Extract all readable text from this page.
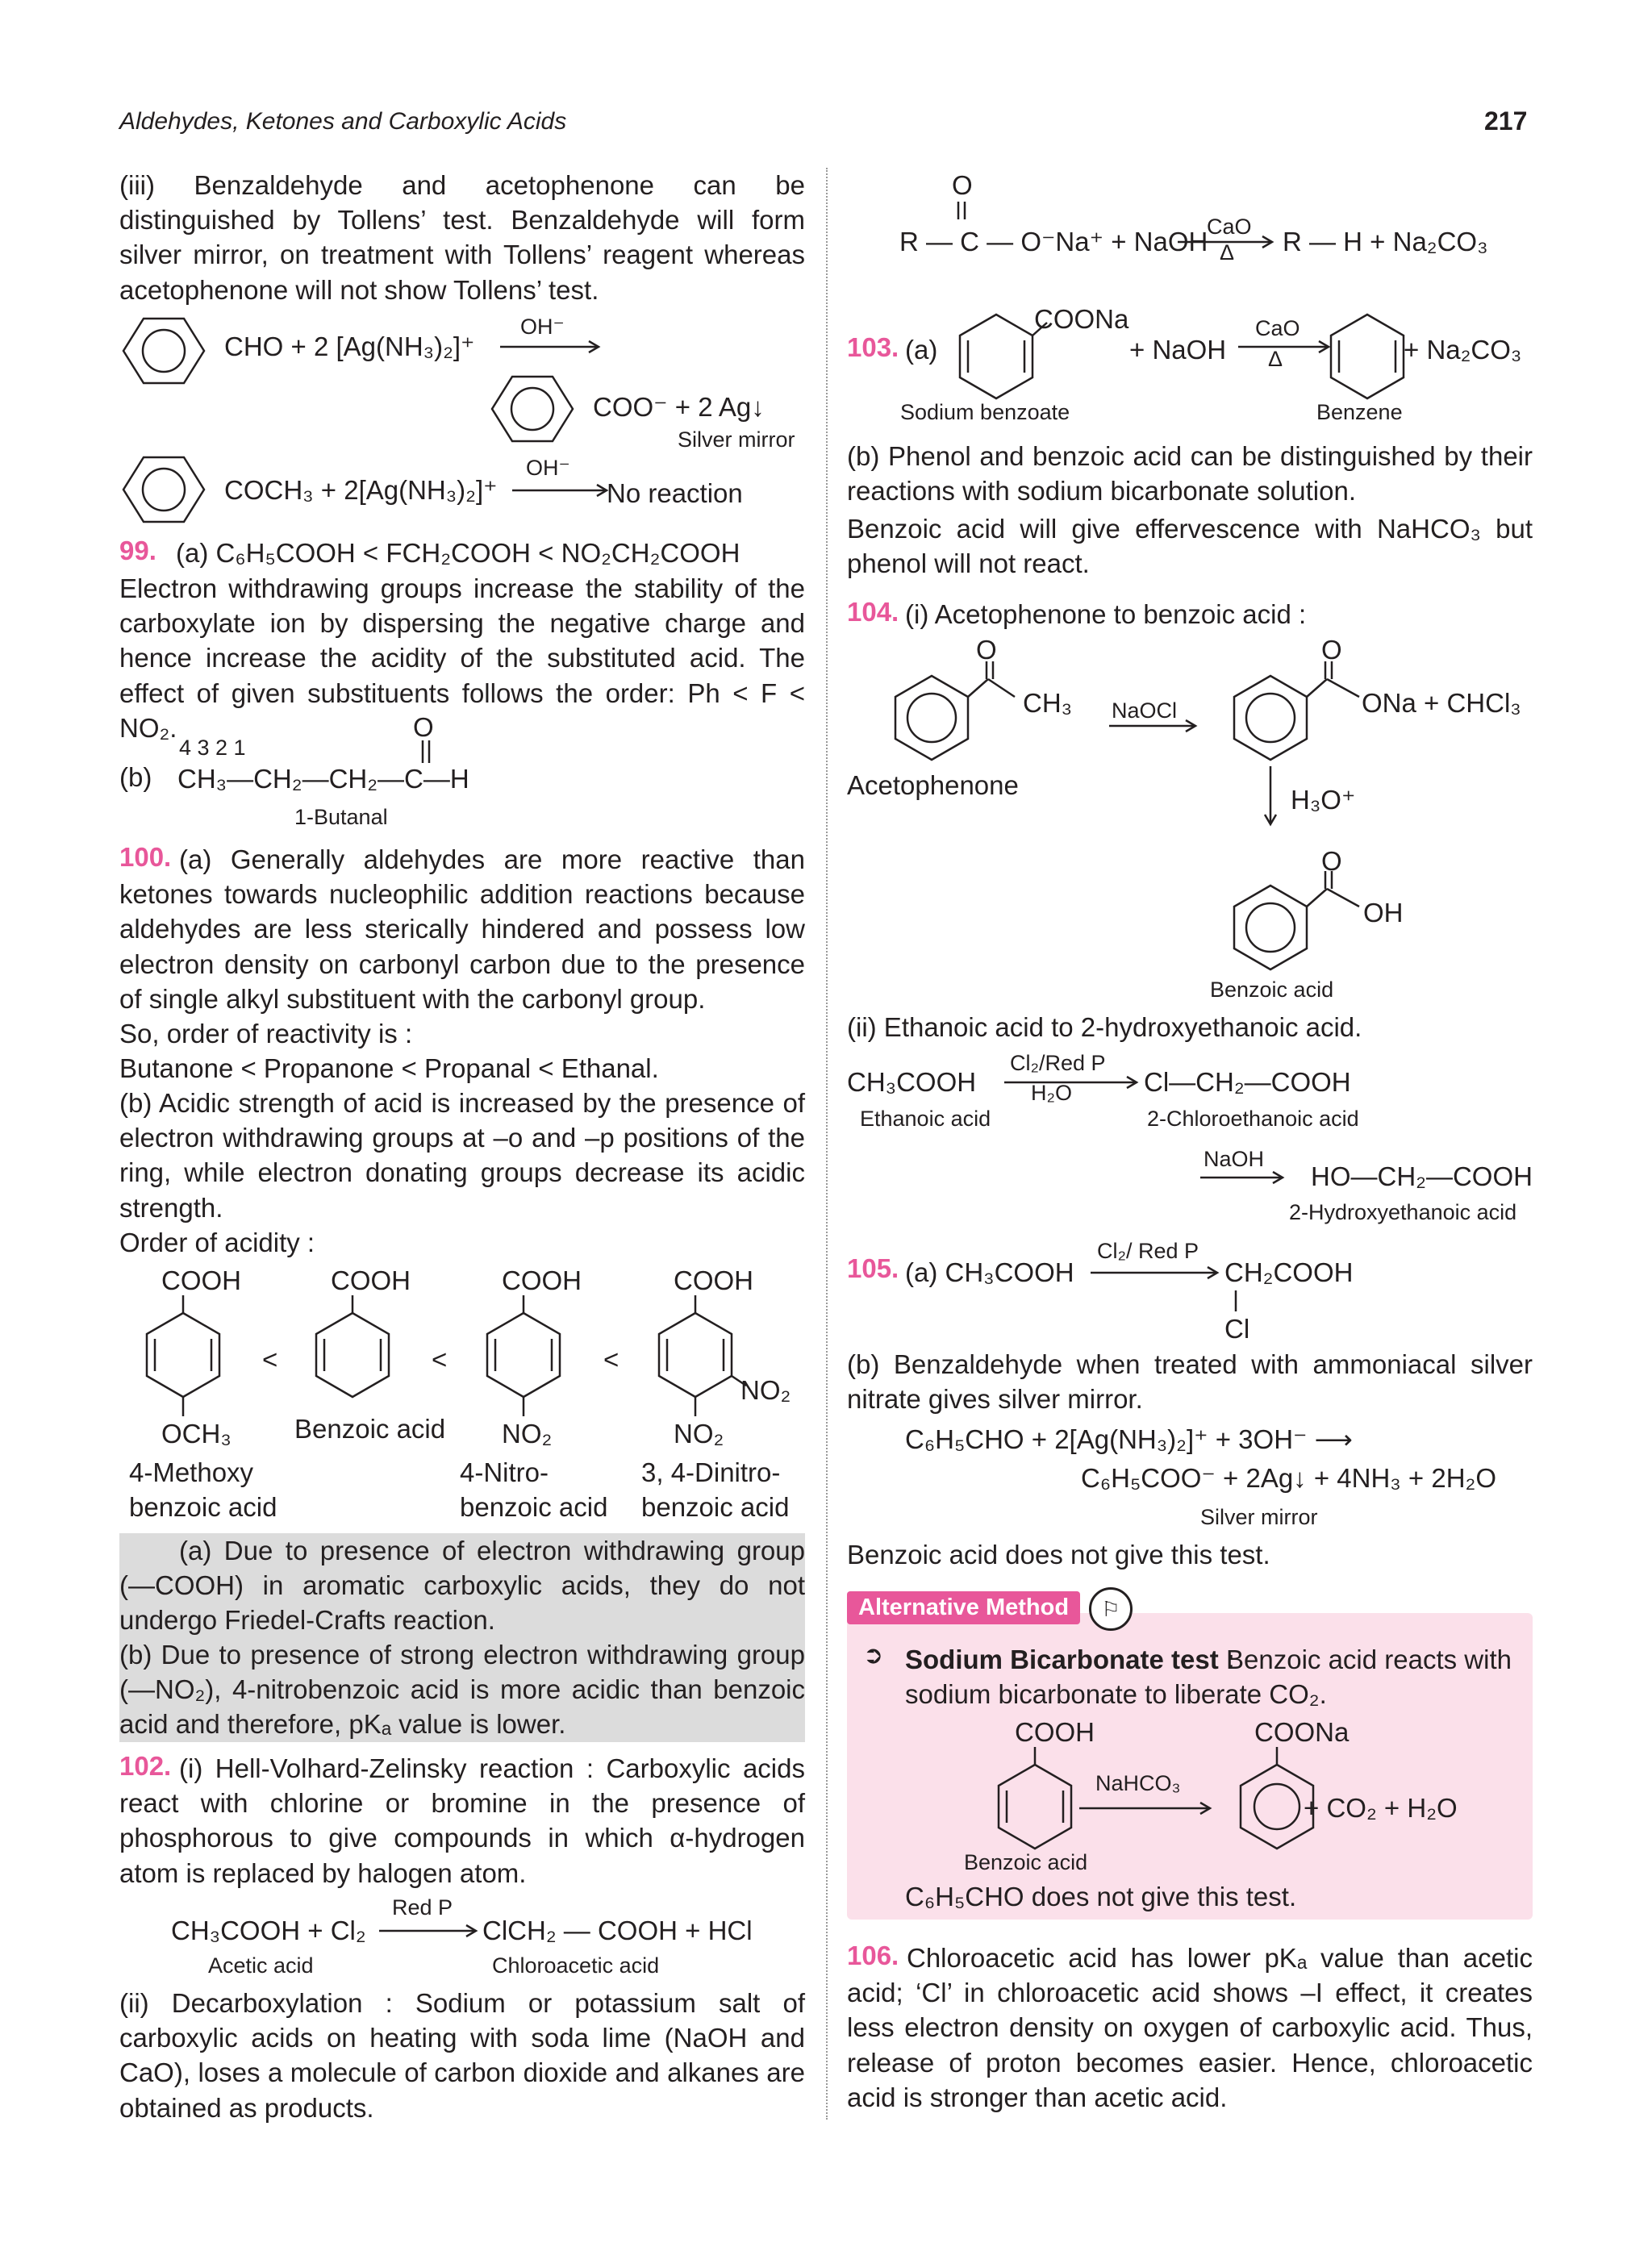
Aldehydes, Ketones and Carboxylic Acids	217

(iii) Benzaldehyde and acetophenone can be distinguished by Tollens’ test. Benzaldehyde will form silver mirror, on treatment with Tollens’ reagent whereas acetophenone will not show Tollens’ test.

CHO + 2 [Ag(NH₃)₂]⁺
OH⁻
COO⁻ + 2 Ag↓
Silver mirror
COCH₃ + 2[Ag(NH₃)₂]⁺
OH⁻
No reaction
99. (a) C₆H₅COOH < FCH₂COOH < NO₂CH₂COOH

Electron withdrawing groups increase the stability of the carboxylate ion by dispersing the negative charge and hence increase the acidity of the substituted acid. The effect of given substituents follows the order: Ph < F < NO₂.

(b)
4 3 2 1
O
CH₃—CH₂—CH₂—C—H
1-Butanal
100. (a) Generally aldehydes are more reactive than ketones towards nucleophilic addition reactions because aldehydes are less sterically hindered and possess low electron density on carbonyl carbon due to the presence of single alkyl substituent with the carbonyl group.

So, order of reactivity is :
Butanone < Propanone < Propanal < Ethanal.

(b) Acidic strength of acid is increased by the presence of electron withdrawing groups at –o and –p positions of the ring, while electron donating groups decrease its acidic strength.

Order of acidity :
COOH
OCH₃
4-Methoxy
benzoic acid
<
COOH
Benzoic acid
<
COOH
NO₂
4-Nitro-
benzoic acid
<
COOH
NO₂
NO₂
3, 4-Dinitro-
benzoic acid

(a) Due to presence of electron withdrawing group (—COOH) in aromatic carboxylic acids, they do not undergo Friedel-Crafts reaction.

(b) Due to presence of strong electron withdrawing group (—NO₂), 4-nitrobenzoic acid is more acidic than benzoic acid and therefore, pKₐ value is lower.

102. (i) Hell-Volhard-Zelinsky reaction : Carboxylic acids react with chlorine or bromine in the presence of phosphorous to give compounds in which α-hydrogen atom is replaced by halogen atom.

Red P
CH₃COOH + Cl₂	ClCH₂ — COOH + HCl
Acetic acid	Chloroacetic acid

(ii) Decarboxylation : Sodium or potassium salt of carboxylic acids on heating with soda lime (NaOH and CaO), loses a molecule of carbon dioxide and alkanes are obtained as products.

O
R — C — O⁻Na⁺ + NaOH
CaO
Δ R — H + Na₂CO₃
103. (a)
COONa
+ NaOH
CaO
Δ	+ Na₂CO₃
Sodium benzoate	Benzene

(b) Phenol and benzoic acid can be distinguished by their reactions with sodium bicarbonate solution.

Benzoic acid will give effervescence with NaHCO₃ but phenol will not react.

104. (i) Acetophenone to benzoic acid :
O
CH₃ NaOCl
O
ONa + CHCl₃
Acetophenone	H₃O⁺
O
OH
Benzoic acid
(ii) Ethanoic acid to 2-hydroxyethanoic acid.
CH₃COOH
Cl₂/Red P
H₂O	Cl—CH₂—COOH
Ethanoic acid	2-Chloroethanoic acid
NaOH
HO—CH₂—COOH
2-Hydroxyethanoic acid
105. (a) CH₃COOH
Cl₂/ Red P
CH₂COOH
Cl

(b) Benzaldehyde when treated with ammoniacal silver nitrate gives silver mirror.

C₆H₅CHO + 2[Ag(NH₃)₂]⁺ + 3OH⁻ ⟶
C₆H₅COO⁻ + 2Ag↓ + 4NH₃ + 2H₂O
Silver mirror
Benzoic acid does not give this test.
Alternative Method	⚐
➲ Sodium Bicarbonate test :
Benzoic acid reacts with sodium bicarbonate to liberate CO₂.
COOH
NaHCO₃
COONa
+ CO₂ + H₂O
Benzoic acid
C₆H₅CHO does not give this test.
106. Chloroacetic acid has lower pKₐ value than acetic acid; ‘Cl’ in chloroacetic acid shows –I effect, it creates less electron density on oxygen of carboxylic acid. Thus, release of proton becomes easier. Hence, chloroacetic acid is stronger than acetic acid.
